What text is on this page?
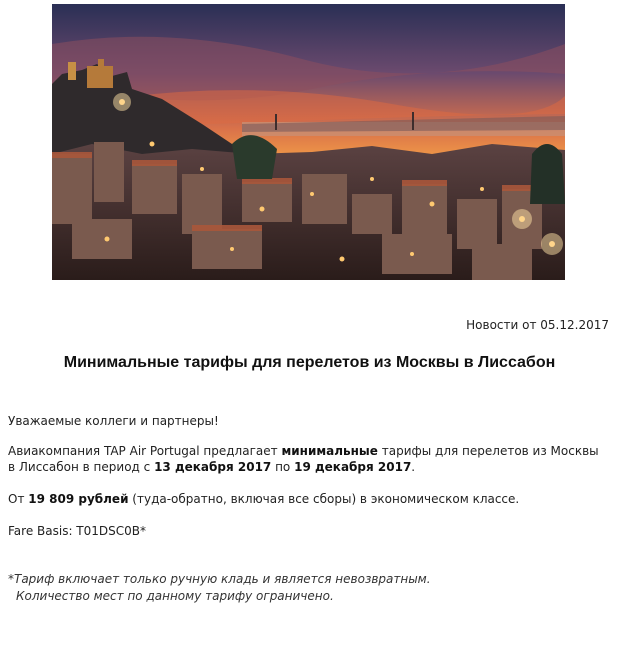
Новости от 05.12.2017
Минимальные тарифы для перелетов из Москвы в Лиссабон
Уважаемые коллеги и партнеры!
Авиакомпания TAP Air Portugal предлагает минимальные тарифы для перелетов из Москвы в Лиссабон в период с 13 декабря 2017 по 19 декабря 2017.
От 19 809 рублей (туда-обратно, включая все сборы) в экономическом классе.
Fare Basis: T01DSC0B*
*Тариф включает только ручную кладь и является невозвратным.
Количество мест по данному тарифу ограничено.
